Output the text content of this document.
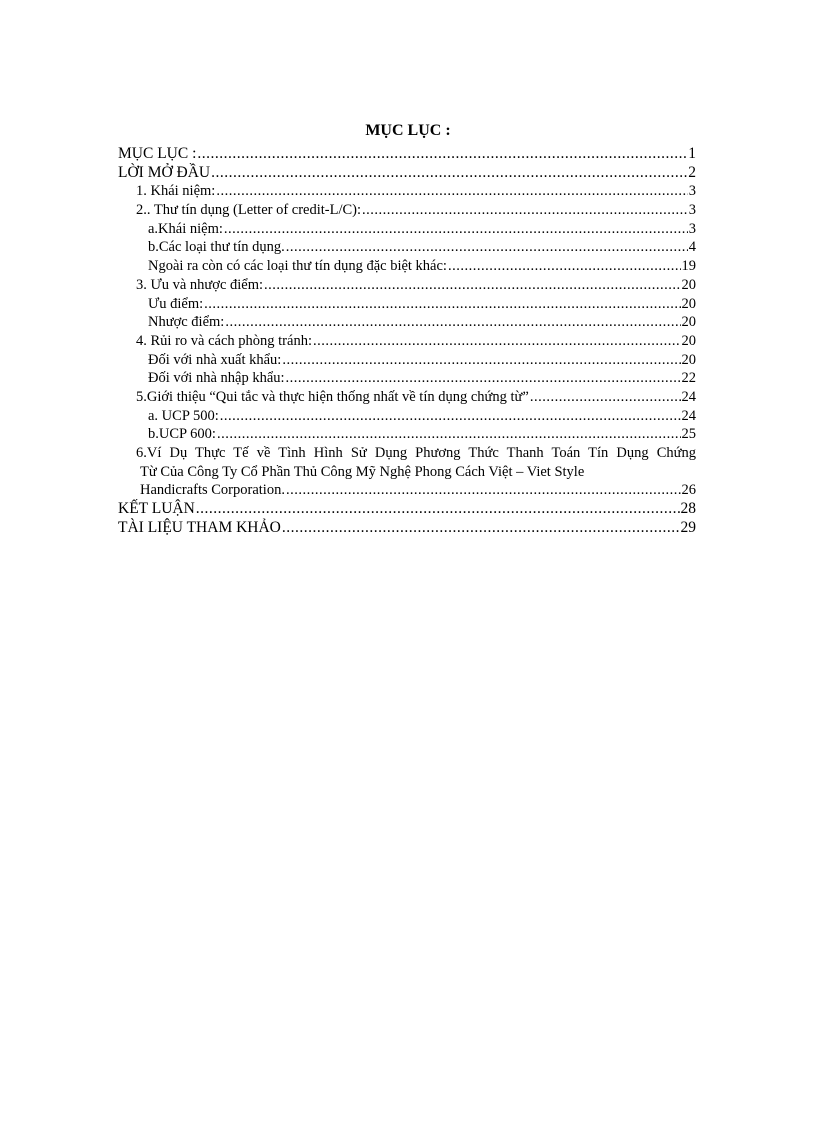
MỤC LỤC :
MỤC LỤC : .....	1
LỜI MỞ ĐẦU .....	2
1. Khái niệm: .....	3
2.. Thư tín dụng (Letter of credit-L/C): .....	3
a.Khái niệm: .....	3
b.Các loại thư tín dụng. .....	4
Ngoài ra còn có các loại thư tín dụng đặc biệt khác: .....	19
3. Ưu và nhược điểm: .....	20
Ưu điểm: .....	20
Nhược điểm: .....	20
4. Rủi ro và cách phòng tránh: .....	20
Đối với nhà xuất khẩu: .....	20
Đối với nhà nhập khẩu: .....	22
5.Giới thiệu “Qui tắc và thực hiện thống nhất về tín dụng chứng từ” .....	24
a. UCP 500: .....	24
b.UCP 600: .....	25
6.Ví Dụ Thực Tế về Tình Hình Sử Dụng Phương Thức Thanh Toán Tín Dụng Chứng
Từ Của Công Ty Cổ Phần Thủ Công Mỹ Nghệ Phong Cách Việt – Viet Style
Handicrafts Corporation. .....	26
KẾT LUẬN .....	28
TÀI LIỆU THAM KHẢO .....	29
